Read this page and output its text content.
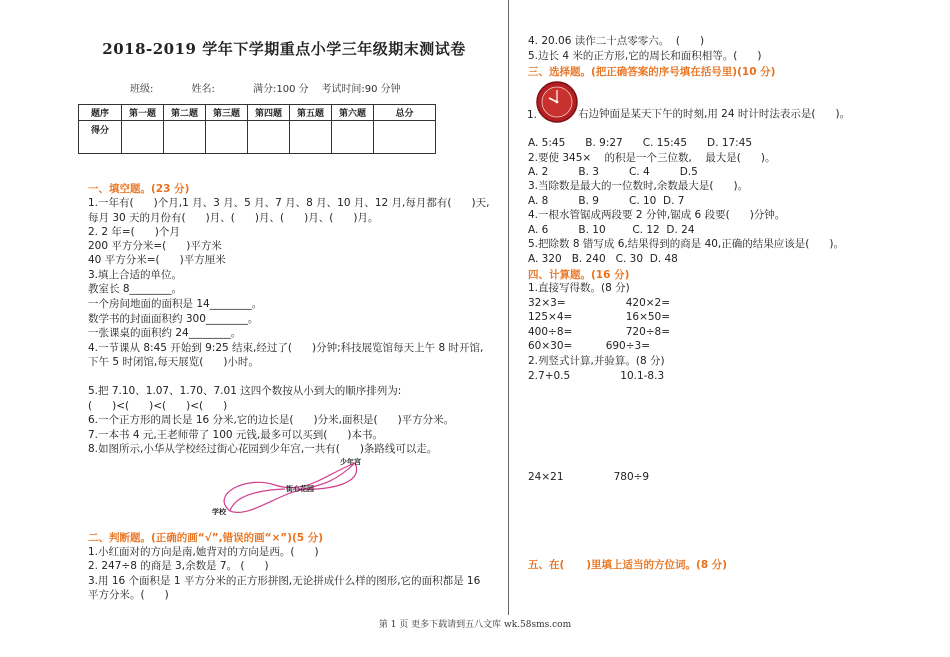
2018-2019 学年下学期重点小学三年级期末测试卷
班级:            姓名:            满分:100 分    考试时间:90 分钟
题序	第一题	第二题	第三题	第四题	第五题	第六题	总分
得分							
一、填空题。(23 分)
1.一年有(      )个月,1 月、3 月、5 月、7 月、8 月、10 月、12 月,每月都有(      )天,
每月 30 天的月份有(      )月、(      )月、(      )月、(      )月。
2. 2 年=(      )个月
200 平方分米=(      )平方米
40 平方分米=(      )平方厘米
3.填上合适的单位。
教室长 8________。
一个房间地面的面积是 14________。
数学书的封面面积约 300________。
一张课桌的面积约 24________。
4.一节课从 8:45 开始到 9:25 结束,经过了(      )分钟;科技展览馆每天上午 8 时开馆,
下午 5 时闭馆,每天展览(      )小时。
5.把 7.10、1.07、1.70、7.01 这四个数按从小到大的顺序排列为:
(      )<(      )<(      )<(      )
6.一个正方形的周长是 16 分米,它的边长是(      )分米,面积是(      )平方分米。
7.一本书 4 元,王老师带了 100 元钱,最多可以买到(      )本书。
8.如图所示,小华从学校经过街心花园到少年宫,一共有(      )条路线可以走。
学校
街心花园
少年宫
二、判断题。(正确的画“√”,错误的画“×”)(5 分)
1.小红面对的方向是南,她背对的方向是西。(      )
2. 247÷8 的商是 3,余数是 7。 (      )
3.用 16 个面积是 1 平方分米的正方形拼图,无论拼成什么样的图形,它的面积都是 16
平方分米。(      )
4. 20.06 读作二十点零零六。  (      )
5.边长 4 米的正方形,它的周长和面积相等。(      )
三、选择题。(把正确答案的序号填在括号里)(10 分)
1.	右边钟面是某天下午的时刻,用 24 时计时法表示是(      )。
A. 5:45      B. 9:27      C. 15:45      D. 17:45
2.要使 345×    的积是一个三位数,    最大是(      )。
A. 2         B. 3         C. 4         D.5
3.当除数是最大的一位数时,余数最大是(      )。
A. 8         B. 9         C. 10  D. 7
4.一根水管锯成两段要 2 分钟,锯成 6 段要(      )分钟。
A. 6         B. 10        C. 12  D. 24
5.把除数 8 错写成 6,结果得到的商是 40,正确的结果应该是(      )。
A. 320   B. 240   C. 30  D. 48
四、计算题。(16 分)
1.直接写得数。(8 分)
32×3=                  420×2=
125×4=                16×50=
400÷8=                720÷8=
60×30=          690÷3=
2.列竖式计算,并验算。(8 分)
2.7+0.5               10.1-8.3
24×21               780÷9
五、在(      )里填上适当的方位词。(8 分)
第 1 页 更多下载请到五八文库 wk.58sms.com
